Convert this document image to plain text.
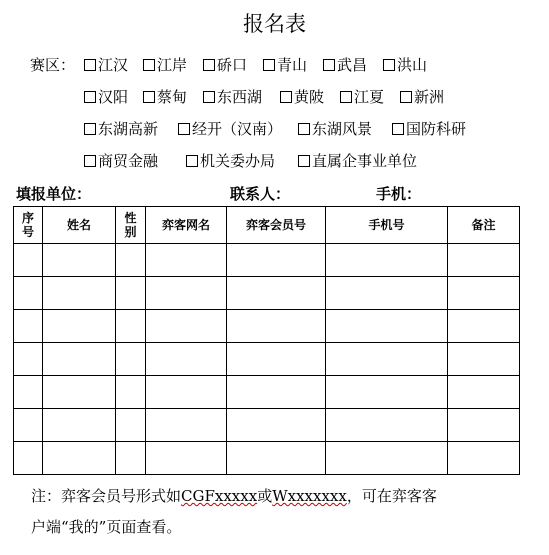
报名表
赛区： 江汉 江岸 硚口 青山 武昌 洪山
汉阳 蔡甸 东西湖 黄陂 江夏 新洲
东湖高新 经开（汉南） 东湖风景 国防科研
商贸金融	机关委办局 直属企事业单位
填报单位：	联系人：	手机：
序号	姓名	性别	弈客网名	弈客会员号	手机号	备注

注：弈客会员号形式如CGFxxxxx或Wxxxxxxx，可在弈客客
户端“我的”页面查看。
